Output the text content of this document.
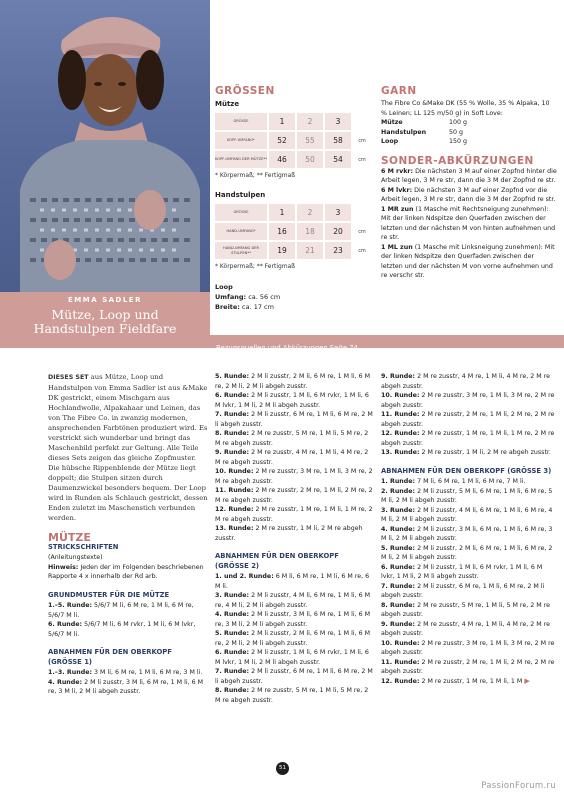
EMMA SADLER
Mütze, Loop und
Handstulpen Fieldfare
GRÖSSEN
Mütze
GRÖSSE	1	2	3	
KOPF-UMFANG*	52	55	58	cm
KOPF-UMFANG DER MÜTZE**	46	50	54	cm
* Körpermaß; ** Fertigmaß
Handstulpen
GRÖSSE	1	2	3	
HAND-UMFANG*	16	18	20	cm
HAND-UMFANG DER STULPEN**	19	21	23	cm
* Körpermaß; ** Fertigmaß
Loop
Umfang: ca. 56 cm
Breite: ca. 17 cm
GARN

The Fibre Co &Make DK (55 % Wolle, 35 % Alpaka, 10 % Leinen; LL 125 m/50 g) in Soft Love:

Mütze	100 g
Handstulpen	50 g
Loop	150 g
SONDER-ABKÜRZUNGEN

6 M rvkr: Die nächsten 3 M auf einer Zopfnd hinter die Arbeit legen, 3 M re str, dann die 3 M der Zopfnd re str.

6 M lvkr: Die nächsten 3 M auf einer Zopfnd vor die Arbeit legen, 3 M re str, dann die 3 M der Zopfnd re str.

1 MR zun (1 Masche mit Rechtsneigung zunehmen): Mit der linken Ndspitze den Querfaden zwischen der letzten und der nächsten M von hinten aufnehmen und re str.

1 ML zun (1 Masche mit Linksneigung zunehmen): Mit der linken Ndspitze den Querfaden zwischen der letzten und der nächsten M von vorne aufnehmen und re verschr str.

Bezugsquellen und Abkürzungen Seite 74

DIESES SET aus Mütze, Loop und Handstulpen von Emma Sadler ist aus &Make DK gestrickt, einem Mischgarn aus Hochlandwolle, Alpakahaar und Leinen, das von The Fibre Co. in zwanzig modernen, ansprechenden Farbtönen produziert wird. Es verstrickt sich wunderbar und bringt das Maschenbild perfekt zur Geltung. Alle Teile dieses Sets zeigen das gleiche Zopfmuster. Die hübsche Rippenblende der Mütze liegt doppelt; die Stulpen sitzen durch Daumenzwickel besonders bequem. Der Loop wird in Runden als Schlauch gestrickt, dessen Enden zuletzt im Maschenstich verbunden werden.

MÜTZE
STRICKSCHRIFTEN

(Anleitungstexte)

Hinweis: Jeden der im Folgenden beschriebenen Rapporte 4 x innerhalb der Rd arb.

GRUNDMUSTER FÜR DIE MÜTZE

1.–5. Runde: 5/6/7 M li, 6 M re, 1 M li, 6 M re, 5/6/7 M li.

6. Runde: 5/6/7 M li, 6 M rvkr, 1 M li, 6 M lvkr, 5/6/7 M li.

ABNAHMEN FÜR DEN OBERKOPF (GRÖSSE 1)

1.–3. Runde: 3 M li, 6 M re, 1 M li, 6 M re, 3 M li.

4. Runde: 2 M li zusstr, 3 M li, 6 M re, 1 M li, 6 M re, 3 M li, 2 M li abgeh zusstr.

5. Runde: 2 M li zusstr, 2 M li, 6 M re, 1 M li, 6 M re, 2 M li, 2 M li abgeh zusstr.

6. Runde: 2 M li zusstr, 1 M li, 6 M rvkr, 1 M li, 6 M lvkr, 1 M li, 2 M li abgeh zusstr.

7. Runde: 2 M li zusstr, 6 M re, 1 M li, 6 M re, 2 M li abgeh zusstr.

8. Runde: 2 M re zusstr, 5 M re, 1 M li, 5 M re, 2 M re abgeh zusstr.

9. Runde: 2 M re zusstr, 4 M re, 1 M li, 4 M re, 2 M re abgeh zusstr.

10. Runde: 2 M re zusstr, 3 M re, 1 M li, 3 M re, 2 M re abgeh zusstr.

11. Runde: 2 M re zusstr, 2 M re, 1 M li, 2 M re, 2 M re abgeh zusstr.

12. Runde: 2 M re zusstr, 1 M re, 1 M li, 1 M re, 2 M re abgeh zusstr.

13. Runde: 2 M re zusstr, 1 M li, 2 M re abgeh zusstr.

ABNAHMEN FÜR DEN OBERKOPF (GRÖSSE 2)

1. und 2. Runde: 6 M li, 6 M re, 1 M li, 6 M re, 6 M li.

3. Runde: 2 M li zusstr, 4 M li, 6 M re, 1 M li, 6 M re, 4 M li, 2 M li abgeh zusstr.

4. Runde: 2 M li zusstr, 3 M li, 6 M re, 1 M li, 6 M re, 3 M li, 2 M li abgeh zusstr.

5. Runde: 2 M li zusstr, 2 M li, 6 M re, 1 M li, 6 M re, 2 M li, 2 M li abgeh zusstr.

6. Runde: 2 M li zusstr, 1 M li, 6 M rvkr, 1 M li, 6 M lvkr, 1 M li, 2 M li abgeh zusstr.

7. Runde: 2 M li zusstr, 6 M re, 1 M li, 6 M re, 2 M li abgeh zusstr.

8. Runde: 2 M re zusstr, 5 M re, 1 M li, 5 M re, 2 M re abgeh zusstr.

9. Runde: 2 M re zusstr, 4 M re, 1 M li, 4 M re, 2 M re abgeh zusstr.

10. Runde: 2 M re zusstr, 3 M re, 1 M li, 3 M re, 2 M re abgeh zusstr.

11. Runde: 2 M re zusstr, 2 M re, 1 M li, 2 M re, 2 M re abgeh zusstr.

12. Runde: 2 M re zusstr, 1 M re, 1 M li, 1 M re, 2 M re abgeh zusstr.

13. Runde: 2 M re zusstr, 1 M li, 2 M re abgeh zusstr.

ABNAHMEN FÜR DEN OBERKOPF (GRÖSSE 3)

1. Runde: 7 M li, 6 M re, 1 M li, 6 M re, 7 M li.

2. Runde: 2 M li zusstr, 5 M li, 6 M re, 1 M li, 6 M re, 5 M li, 2 M li abgeh zusstr.

3. Runde: 2 M li zusstr, 4 M li, 6 M re, 1 M li, 6 M re, 4 M li, 2 M li abgeh zusstr.

4. Runde: 2 M li zusstr, 3 M li, 6 M re, 1 M li, 6 M re, 3 M li, 2 M li abgeh zusstr.

5. Runde: 2 M li zusstr, 2 M li, 6 M re, 1 M li, 6 M re, 2 M li, 2 M li abgeh zusstr.

6. Runde: 2 M li zusstr, 1 M li, 6 M rvkr, 1 M li, 6 M lvkr, 1 M li, 2 M li abgeh zusstr.

7. Runde: 2 M li zusstr, 6 M re, 1 M li, 6 M re, 2 M li abgeh zusstr.

8. Runde: 2 M re zusstr, 5 M re, 1 M li, 5 M re, 2 M re abgeh zusstr.

9. Runde: 2 M re zusstr, 4 M re, 1 M li, 4 M re, 2 M re abgeh zusstr.

10. Runde: 2 M re zusstr, 3 M re, 1 M li, 3 M re, 2 M re abgeh zusstr.

11. Runde: 2 M re zusstr, 2 M re, 1 M li, 2 M re, 2 M re abgeh zusstr.

12. Runde: 2 M re zusstr, 1 M re, 1 M li, 1 M ▶

51
PassionForum.ru
